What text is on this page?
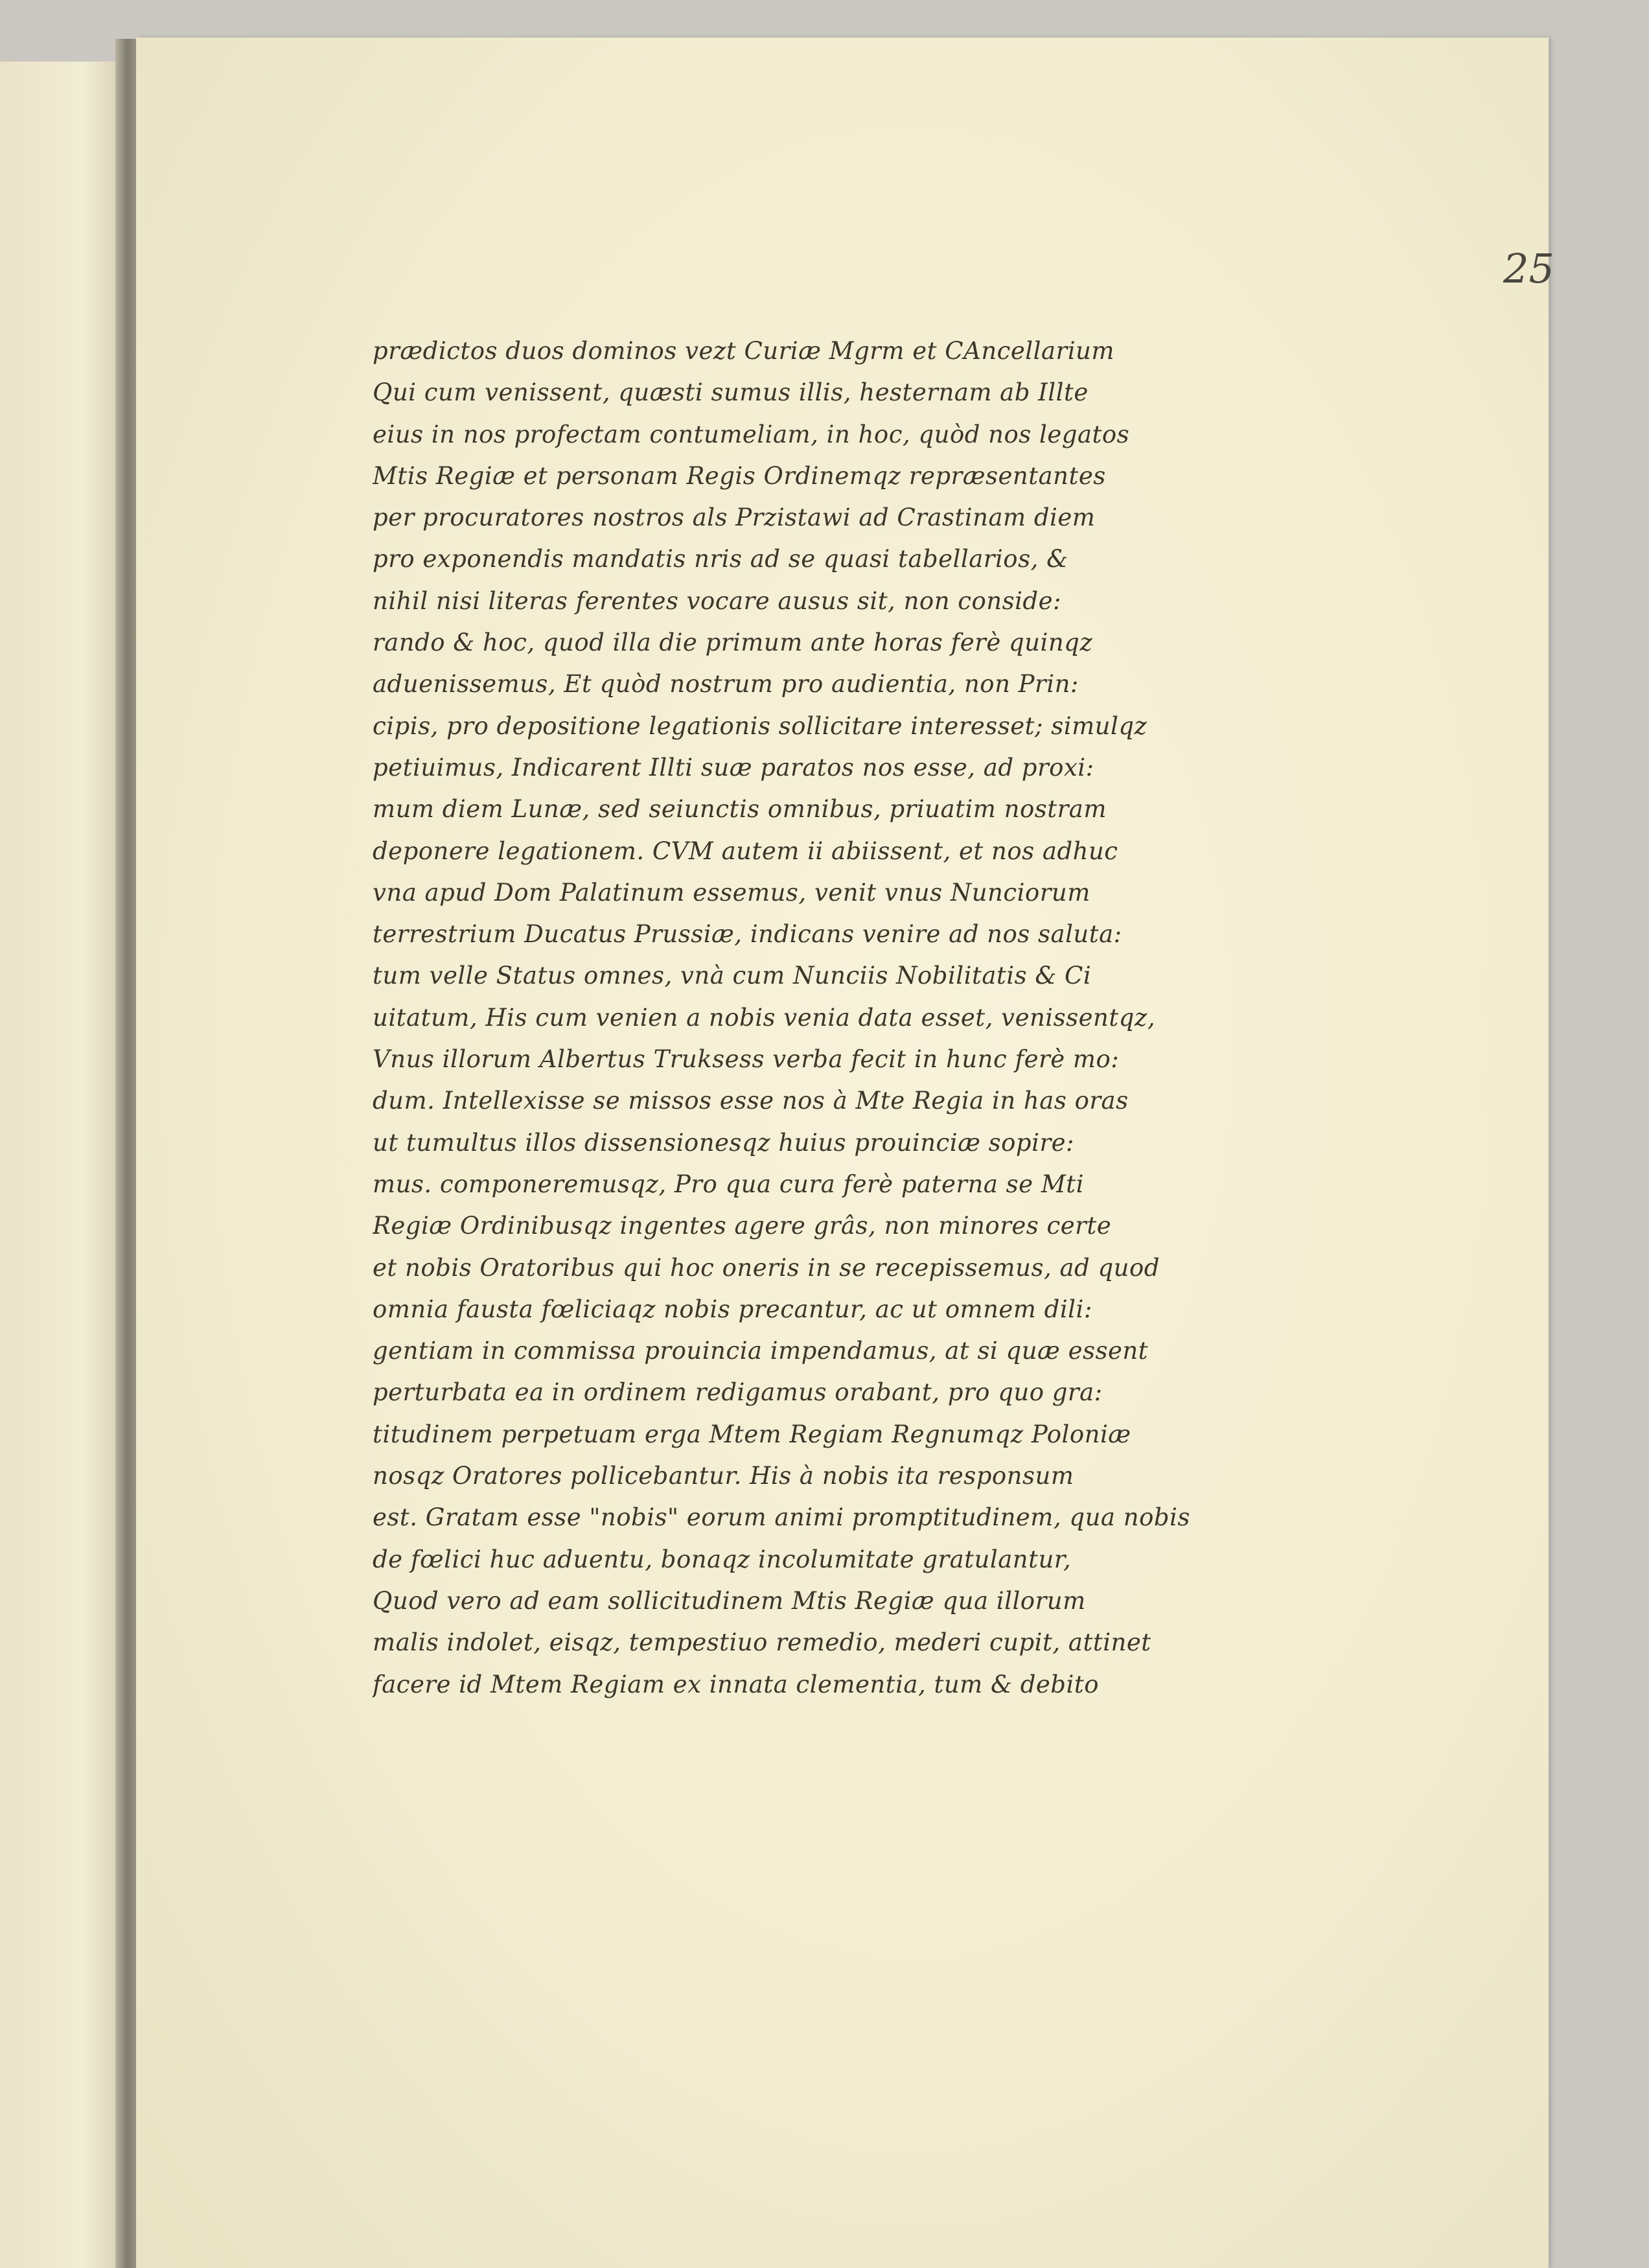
25
prædictos duos dominos vezt Curiæ Mgrm et CAncellarium
Qui cum venissent, quæsti sumus illis, hesternam ab Illte
eius in nos profectam contumeliam, in hoc, quòd nos legatos
Mtis Regiæ et personam Regis Ordinemqz repræsentantes
per procuratores nostros als Przistawi ad Crastinam diem
pro exponendis mandatis nris ad se quasi tabellarios, &
nihil nisi literas ferentes vocare ausus sit, non conside:
rando & hoc, quod illa die primum ante horas ferè quinqz
aduenissemus, Et quòd nostrum pro audientia, non Prin:
cipis, pro depositione legationis sollicitare interesset; simulqz
petiuimus, Indicarent Illti suæ paratos nos esse, ad proxi:
mum diem Lunæ, sed seiunctis omnibus, priuatim nostram
deponere legationem. CVM autem ii abiissent, et nos adhuc
vna apud Dom Palatinum essemus, venit vnus Nunciorum
terrestrium Ducatus Prussiæ, indicans venire ad nos saluta:
tum velle Status omnes, vnà cum Nunciis Nobilitatis & Ci
uitatum, His cum venien a nobis venia data esset, venissentqz,
Vnus illorum Albertus Truksess verba fecit in hunc ferè mo:
dum. Intellexisse se missos esse nos à Mte Regia in has oras
ut tumultus illos dissensionesqz huius prouinciæ sopire:
mus. componeremusqz, Pro qua cura ferè paterna se Mti
Regiæ Ordinibusqz ingentes agere grâs, non minores certe
et nobis Oratoribus qui hoc oneris in se recepissemus, ad quod
omnia fausta fœliciaqz nobis precantur, ac ut omnem dili:
gentiam in commissa prouincia impendamus, at si quæ essent
perturbata ea in ordinem redigamus orabant, pro quo gra:
titudinem perpetuam erga Mtem Regiam Regnumqz Poloniæ
nosqz Oratores pollicebantur. His à nobis ita responsum
est. Gratam esse "nobis" eorum animi promptitudinem, qua nobis
de fœlici huc aduentu, bonaqz incolumitate gratulantur,
Quod vero ad eam sollicitudinem Mtis Regiæ qua illorum
malis indolet, eisqz, tempestiuo remedio, mederi cupit, attinet
facere id Mtem Regiam ex innata clementia, tum & debito
